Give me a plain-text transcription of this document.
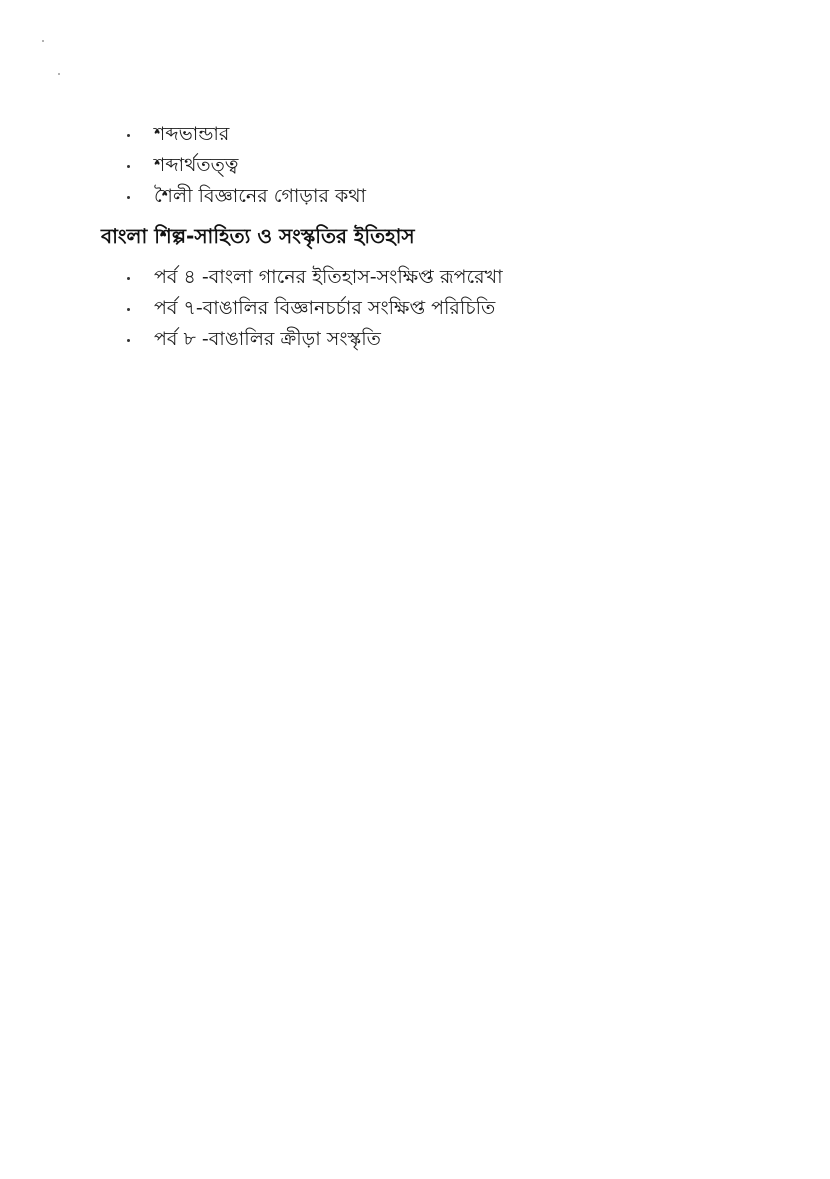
শব্দভান্ডার
শব্দার্থতত্ত্ব
শৈলী বিজ্ঞানের গোড়ার কথা
বাংলা শিল্প-সাহিত্য ও সংস্কৃতির ইতিহাস
পর্ব ৪ -বাংলা গানের ইতিহাস-সংক্ষিপ্ত রূপরেখা
পর্ব ৭-বাঙালির বিজ্ঞানচর্চার সংক্ষিপ্ত পরিচিতি
পর্ব ৮ -বাঙালির ক্রীড়া সংস্কৃতি
